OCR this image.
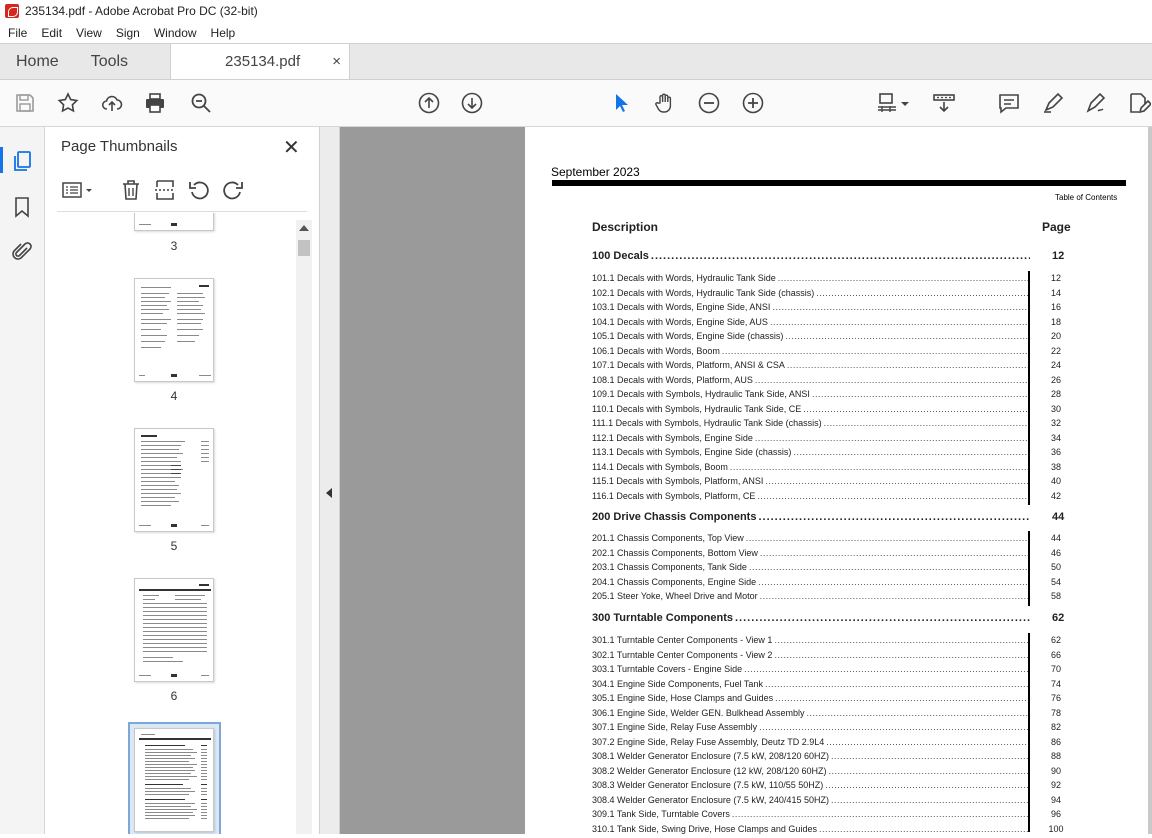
235134.pdf - Adobe Acrobat Pro DC (32-bit)
File	Edit	View	Sign	Window	Help
Home	Tools	235134.pdf ×
Page Thumbnails	✕
3
4
5
6
September 2023
Table of Contents
Description	Page
100 Decals .....	12
101.1 Decals with Words, Hydraulic Tank Side .....	12
102.1 Decals with Words, Hydraulic Tank Side (chassis) .....	14
103.1 Decals with Words, Engine Side, ANSI .....	16
104.1 Decals with Words, Engine Side, AUS .....	18
105.1 Decals with Words, Engine Side (chassis) .....	20
106.1 Decals with Words, Boom .....	22
107.1 Decals with Words, Platform, ANSI & CSA .....	24
108.1 Decals with Words, Platform, AUS .....	26
109.1 Decals with Symbols, Hydraulic Tank Side, ANSI .....	28
110.1 Decals with Symbols, Hydraulic Tank Side, CE .....	30
111.1 Decals with Symbols, Hydraulic Tank Side (chassis) .....	32
112.1 Decals with Symbols, Engine Side .....	34
113.1 Decals with Symbols, Engine Side (chassis) .....	36
114.1 Decals with Symbols, Boom .....	38
115.1 Decals with Symbols, Platform, ANSI .....	40
116.1 Decals with Symbols, Platform, CE .....	42
200 Drive Chassis Components .....	44
201.1 Chassis Components, Top View .....	44
202.1 Chassis Components, Bottom View .....	46
203.1 Chassis Components, Tank Side .....	50
204.1 Chassis Components, Engine Side .....	54
205.1 Steer Yoke, Wheel Drive and Motor .....	58
300 Turntable Components .....	62
301.1 Turntable Center Components - View 1 .....	62
302.1 Turntable Center Components - View 2 .....	66
303.1 Turntable Covers - Engine Side .....	70
304.1 Engine Side Components, Fuel Tank .....	74
305.1 Engine Side, Hose Clamps and Guides .....	76
306.1 Engine Side, Welder GEN. Bulkhead Assembly .....	78
307.1 Engine Side, Relay Fuse Assembly .....	82
307.2 Engine Side, Relay Fuse Assembly, Deutz TD 2.9L4 .....	86
308.1 Welder Generator Enclosure (7.5 kW, 208/120 60HZ) .....	88
308.2 Welder Generator Enclosure (12 kW, 208/120 60HZ) .....	90
308.3 Welder Generator Enclosure (7.5 kW, 110/55 50HZ) .....	92
308.4 Welder Generator Enclosure (7.5 kW, 240/415 50HZ) .....	94
309.1 Tank Side, Turntable Covers .....	96
310.1 Tank Side, Swing Drive, Hose Clamps and Guides .....	100
